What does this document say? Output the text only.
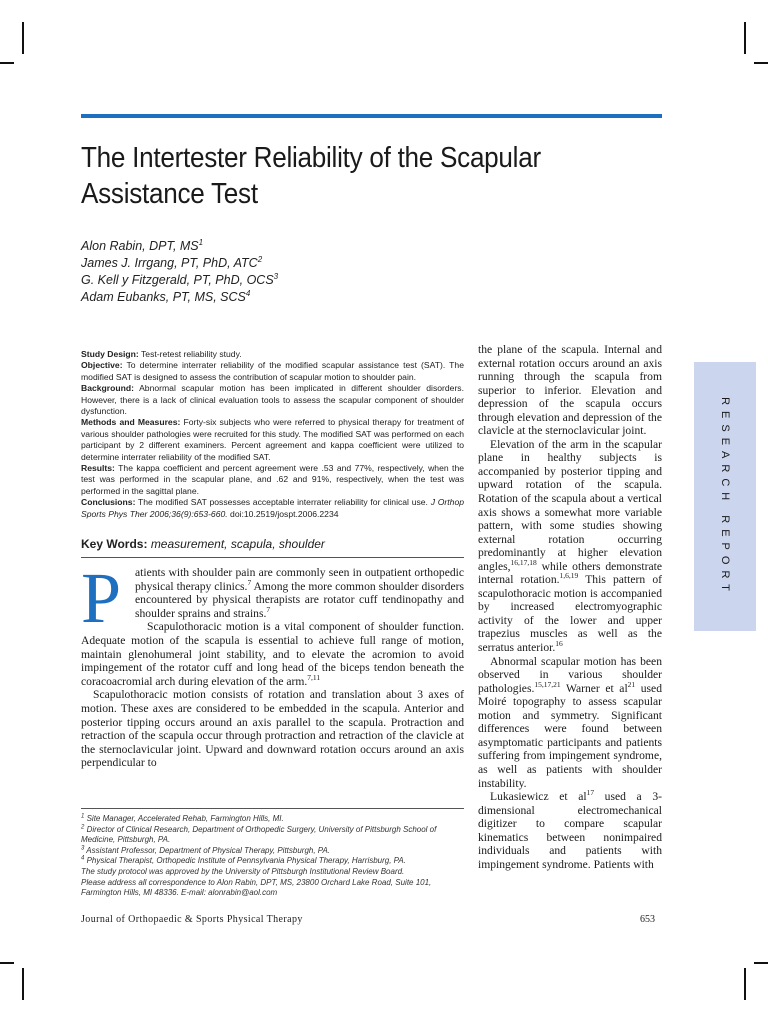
The Intertester Reliability of the Scapular Assistance Test
Alon Rabin, DPT, $MS^1$
James J. Irrgang, PT, PhD, ATC$^2$
G. Kell y Fitzgerald, PT, PhD, OCS$^3$
Adam Eubanks, PT, MS, SCS$^4$

Study Design: Test-retest reliability study.

Objective: To determine interrater reliability of the modified scapular assistance test (SAT). The modified SAT is designed to assess the contribution of scapular motion to shoulder pain.

Background: Abnormal scapular motion has been implicated in different shoulder disorders. However, there is a lack of clinical evaluation tools to assess the scapular component of shoulder dysfunction.

Methods and Measures: Forty-six subjects who were referred to physical therapy for treatment of various shoulder pathologies were recruited for this study. The modified SAT was performed on each participant by 2 different examiners. Percent agreement and kappa coefficient were utilized to determine interrater reliability of the modified SAT.

Results: The kappa coefficient and percent agreement were .53 and 77%, respectively, when the test was performed in the scapular plane, and .62 and 91%, respectively, when the test was performed in the sagittal plane.

Conclusions: The modified SAT possesses acceptable interrater reliability for clinical use. J Orthop Sports Phys Ther 2006;36(9):653-660. doi:10.2519/jospt.2006.2234

Key Words: measurement, scapula, shoulder

P	atients with shoulder pain are commonly seen in outpatient orthopedic physical therapy clinics.$^7$ Among the more common shoulder disorders encountered by physical therapists are rotator cuff tendinopathy and shoulder sprains and strains.$^7$

Scapulothoracic motion is a vital component of shoulder function. Adequate motion of the scapula is essential to achieve full range of motion, maintain glenohumeral joint stability, and to elevate the acromion to avoid impingement of the rotator cuff and long head of the biceps tendon beneath the coracoacromial arch during elevation of the arm.$^{7,11}$

Scapulothoracic motion consists of rotation and translation about 3 axes of motion. These axes are considered to be embedded in the scapula. Anterior and posterior tipping occurs around an axis parallel to the scapula. Protraction and retraction of the scapula occur through protraction and retraction of the clavicle at the sternoclavicular joint. Upward and downward rotation occurs around an axis perpendicular to

$^1$ Site Manager, Accelerated Rehab, Farmington Hills, MI.

$^2$ Director of Clinical Research, Department of Orthopedic Surgery, University of Pittsburgh School of Medicine, Pittsburgh, PA.

$^3$ Assistant Professor, Department of Physical Therapy, Pittsburgh, PA.

$^4$ Physical Therapist, Orthopedic Institute of Pennsylvania Physical Therapy, Harrisburg, PA.

The study protocol was approved by the University of Pittsburgh Institutional Review Board.

Please address all correspondence to Alon Rabin, DPT, MS, 23800 Orchard Lake Road, Suite 101, Farmington Hills, MI 48336. E-mail: alonrabin@aol.com

the plane of the scapula. Internal and external rotation occurs around an axis running through the scapula from superior to inferior. Elevation and depression of the scapula occurs through elevation and depression of the clavicle at the sternoclavicular joint.

Elevation of the arm in the scapular plane in healthy subjects is accompanied by posterior tipping and upward rotation of the scapula. Rotation of the scapula about a vertical axis shows a somewhat more variable pattern, with some studies showing external rotation occurring predominantly at higher elevation angles,$^{16,17,18}$ while others demonstrate internal rotation.$^{1,6,19}$ This pattern of scapulothoracic motion is accompanied by increased electromyographic activity of the lower and upper trapezius muscles as well as the serratus anterior.$^{16}$

Abnormal scapular motion has been observed in various shoulder pathologies.$^{15,17,21}$ Warner et $al^{21}$ used Moiré topography to assess scapular motion and symmetry. Significant differences were found between asymptomatic participants and patients suffering from impingement syndrome, as well as patients with shoulder instability.

Lukasiewicz et $al^{17}$ used a 3-dimensional electromechanical digitizer to compare scapular kinematics between nonimpaired individuals and patients with impingement syndrome. Patients with

RESEARCH REPORT
Journal of Orthopaedic & Sports Physical Therapy	653
